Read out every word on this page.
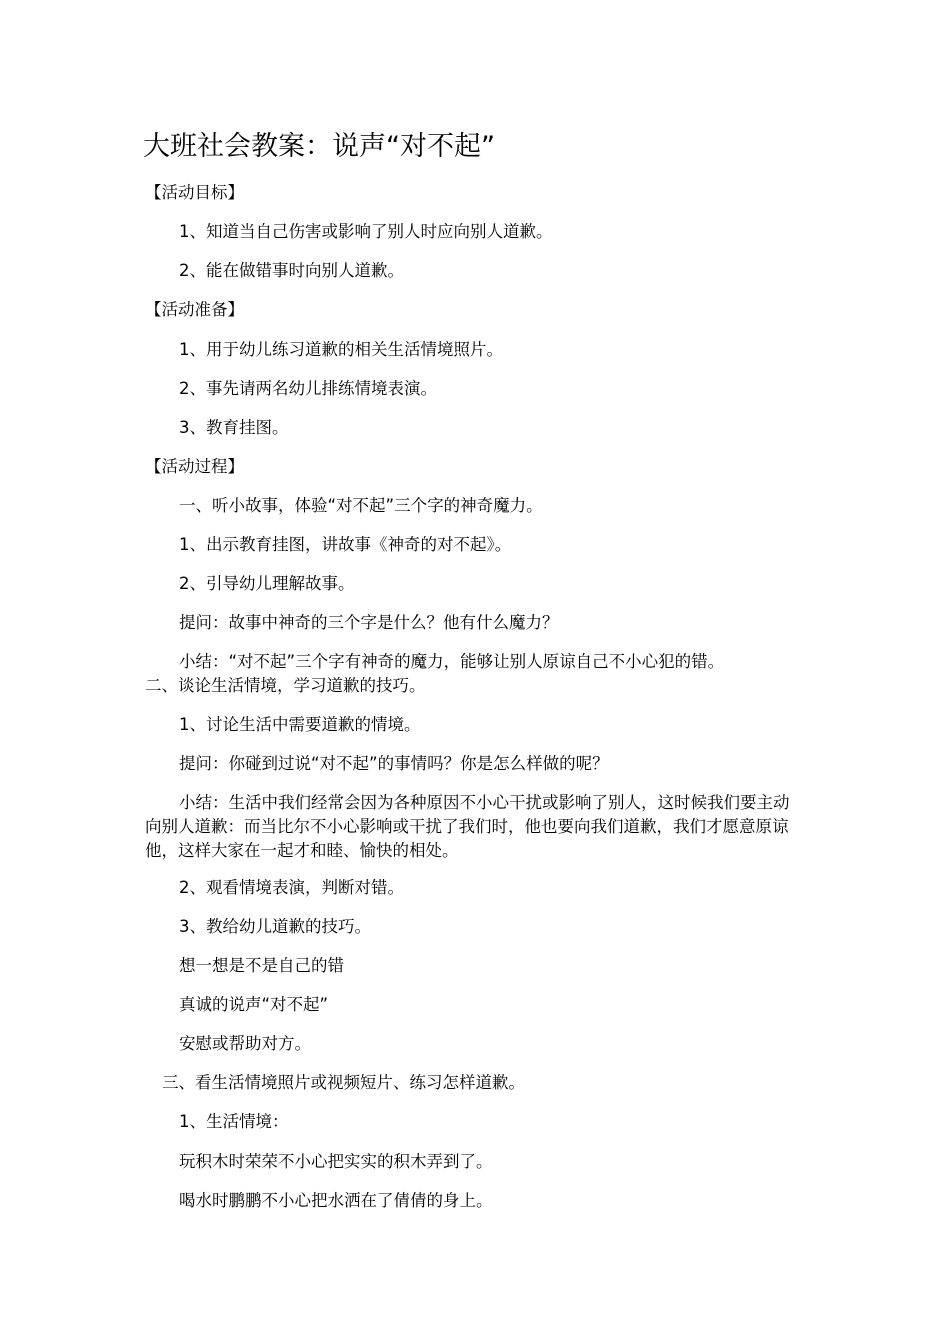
大班社会教案：说声“对不起”
【活动目标】
1、知道当自己伤害或影响了别人时应向别人道歉。
2、能在做错事时向别人道歉。
【活动准备】
1、用于幼儿练习道歉的相关生活情境照片。
2、事先请两名幼儿排练情境表演。
3、教育挂图。
【活动过程】
一、听小故事，体验“对不起”三个字的神奇魔力。
1、出示教育挂图，讲故事《神奇的对不起》。
2、引导幼儿理解故事。
提问：故事中神奇的三个字是什么？他有什么魔力？
小结：“对不起”三个字有神奇的魔力，能够让别人原谅自己不小心犯的错。
二、谈论生活情境，学习道歉的技巧。
1、讨论生活中需要道歉的情境。
提问：你碰到过说“对不起”的事情吗？你是怎么样做的呢？
小结：生活中我们经常会因为各种原因不小心干扰或影响了别人，这时候我们要主动向别人道歉：而当比尔不小心影响或干扰了我们时，他也要向我们道歉，我们才愿意原谅他，这样大家在一起才和睦、愉快的相处。
2、观看情境表演，判断对错。
3、教给幼儿道歉的技巧。
想一想是不是自己的错
真诚的说声“对不起”
安慰或帮助对方。
三、看生活情境照片或视频短片、练习怎样道歉。
1、生活情境：
玩积木时荣荣不小心把实实的积木弄到了。
喝水时鹏鹏不小心把水洒在了倩倩的身上。
